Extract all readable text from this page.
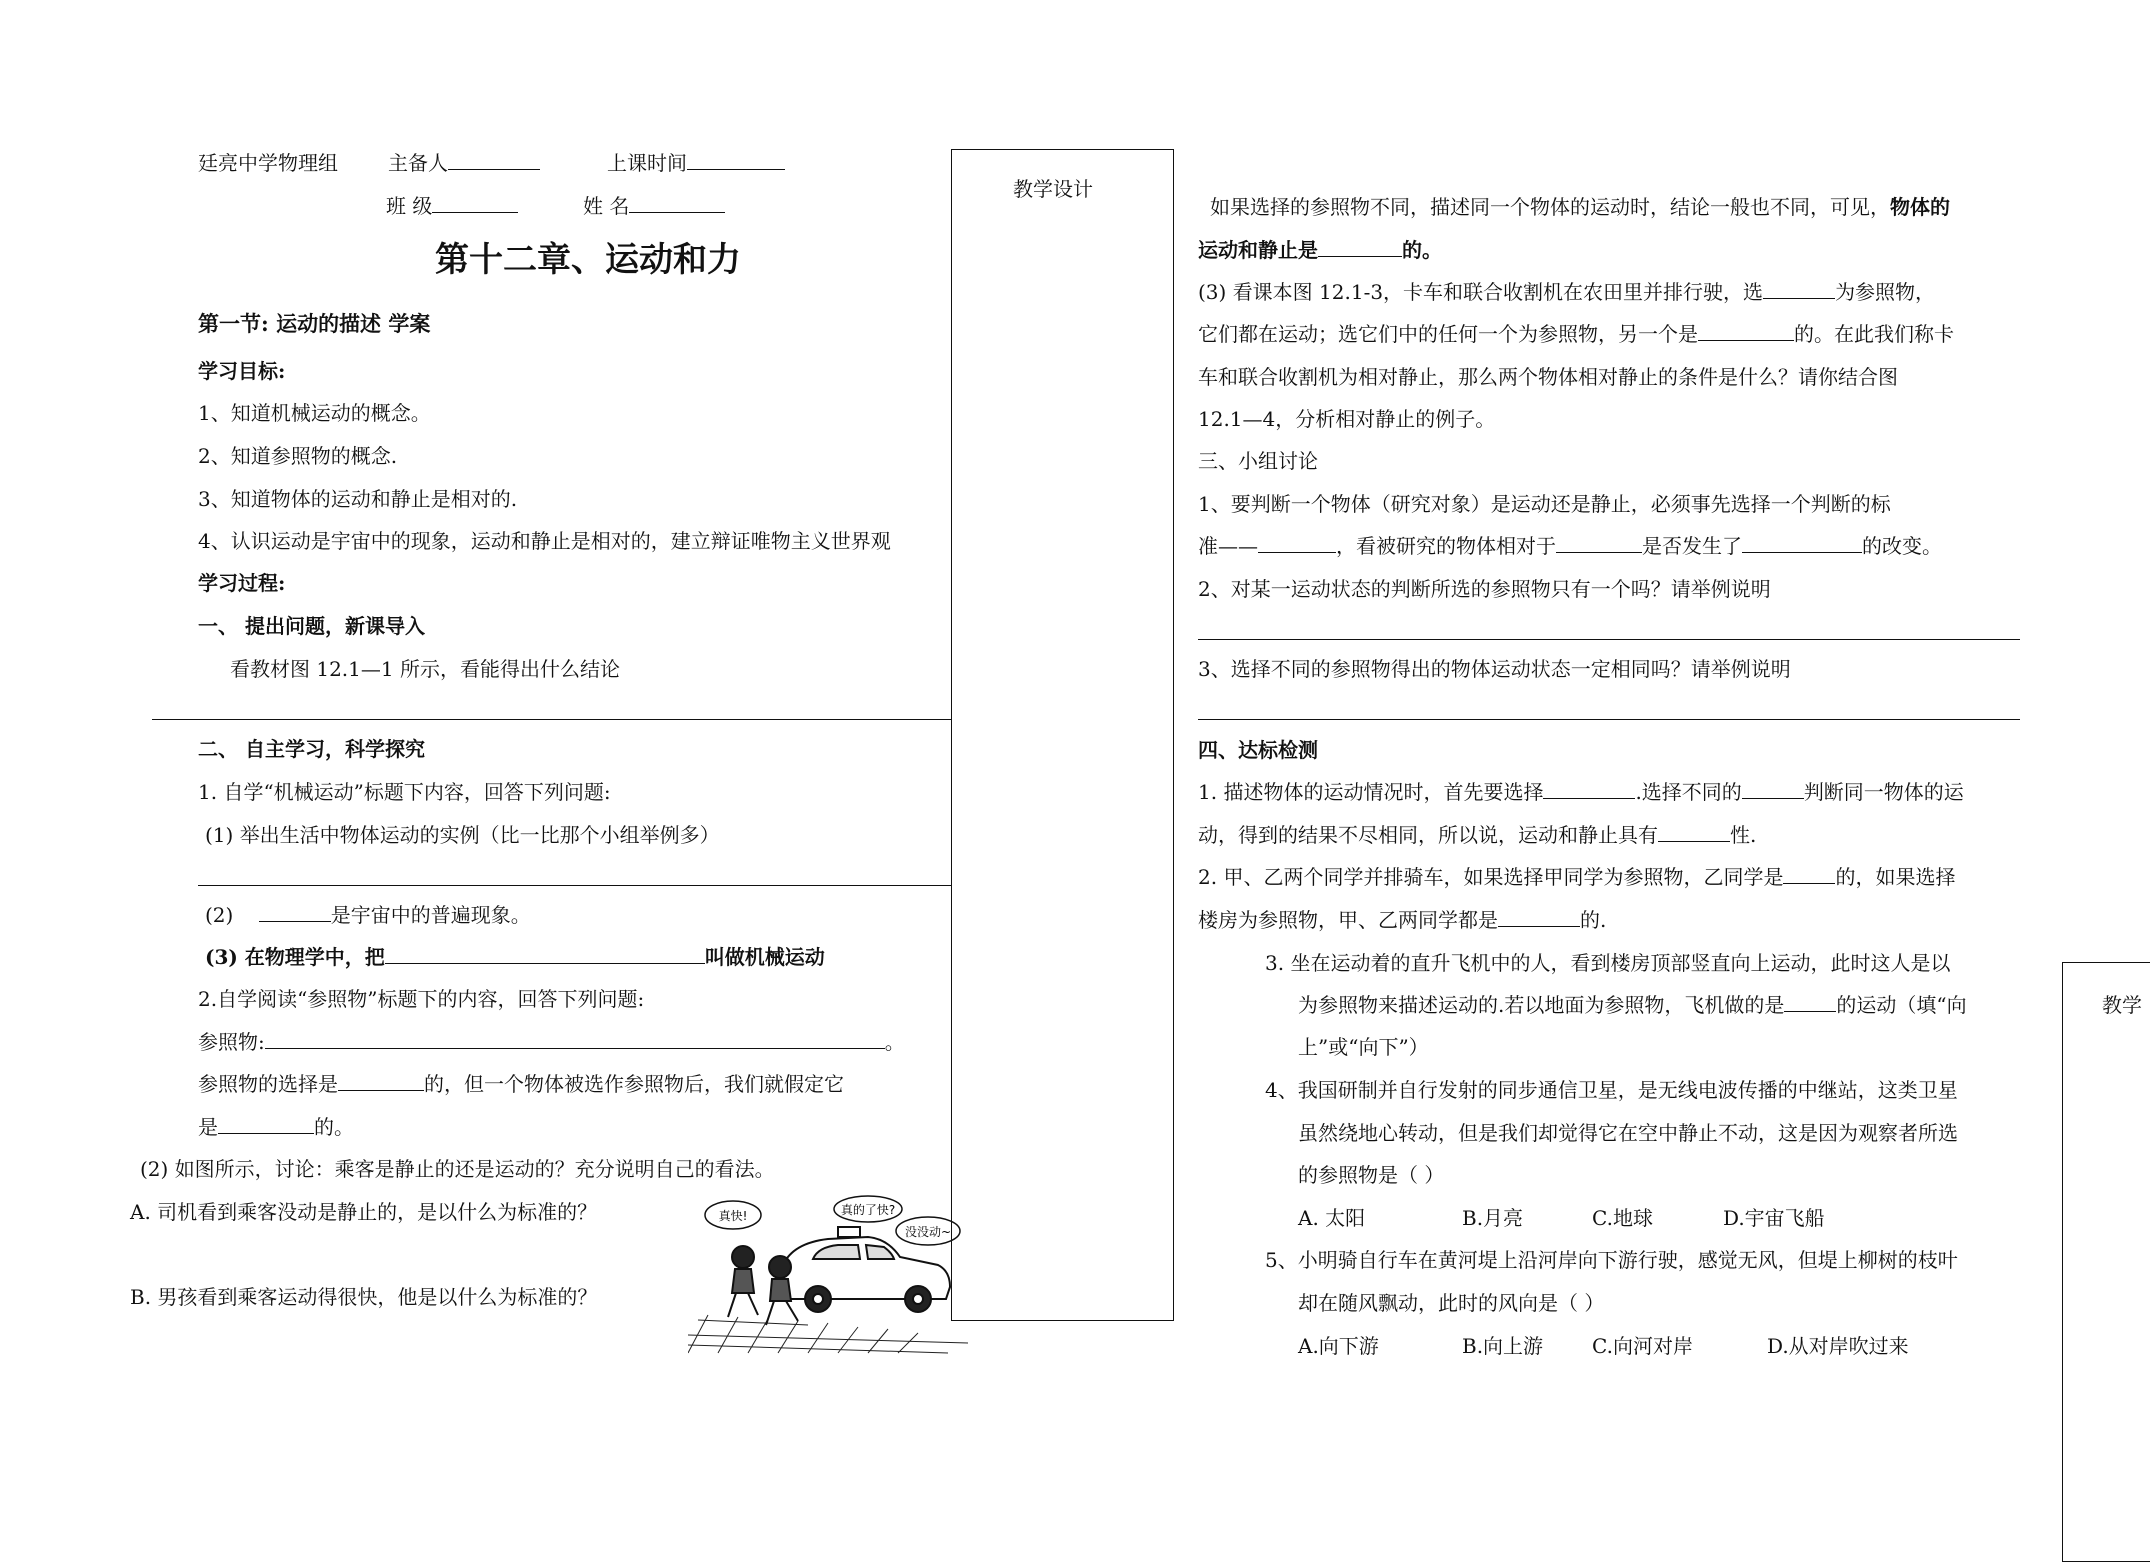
廷亮中学物理组	主备人	上课时间
班 级	姓 名
第十二章、运动和力
第一节: 运动的描述 学案
学习目标:
1、知道机械运动的概念。
2、知道参照物的概念.
3、知道物体的运动和静止是相对的.
4、认识运动是宇宙中的现象，运动和静止是相对的，建立辩证唯物主义世界观
学习过程:
一、 提出问题，新课导入
看教材图 12.1—1 所示，看能得出什么结论
二、 自主学习，科学探究
1. 自学“机械运动”标题下内容，回答下列问题:
(1) 举出生活中物体运动的实例（比一比那个小组举例多）
(2)	是宇宙中的普遍现象。
(3) 在物理学中，把	叫做机械运动
2.自学阅读“参照物”标题下的内容，回答下列问题:
参照物:	。
参照物的选择是	的，但一个物体被选作参照物后，我们就假定它
是	的。
(2) 如图所示，讨论：乘客是静止的还是运动的？充分说明自己的看法。
A. 司机看到乘客没动是静止的，是以什么为标准的？
B. 男孩看到乘客运动得很快，他是以什么为标准的？
真快!	真的了快?
没没动~
教学设计
教学
如果选择的参照物不同，描述同一个物体的运动时，结论一般也不同，可见，物体的
运动和静止是	的。
(3) 看课本图 12.1-3，卡车和联合收割机在农田里并排行驶，选	为参照物，
它们都在运动；选它们中的任何一个为参照物，另一个是	的。在此我们称卡
车和联合收割机为相对静止，那么两个物体相对静止的条件是什么？请你结合图
12.1—4，分析相对静止的例子。
三、小组讨论
1、要判断一个物体（研究对象）是运动还是静止，必须事先选择一个判断的标
准——	，看被研究的物体相对于	是否发生了	的改变。
2、对某一运动状态的判断所选的参照物只有一个吗？请举例说明
3、选择不同的参照物得出的物体运动状态一定相同吗？请举例说明
四、达标检测
1. 描述物体的运动情况时，首先要选择	.选择不同的	判断同一物体的运
动，得到的结果不尽相同，所以说，运动和静止具有	性.
2. 甲、乙两个同学并排骑车，如果选择甲同学为参照物，乙同学是	的，如果选择
楼房为参照物，甲、乙两同学都是	的.
3. 坐在运动着的直升飞机中的人，看到楼房顶部竖直向上运动，此时这人是以
为参照物来描述运动的.若以地面为参照物，飞机做的是	的运动（填“向
上”或“向下”）
4、我国研制并自行发射的同步通信卫星，是无线电波传播的中继站，这类卫星
虽然绕地心转动，但是我们却觉得它在空中静止不动，这是因为观察者所选
的参照物是（ ）
A. 太阳	B.月亮	C.地球	D.宇宙飞船
5、小明骑自行车在黄河堤上沿河岸向下游行驶，感觉无风，但堤上柳树的枝叶
却在随风飘动，此时的风向是（ ）
A.向下游	B.向上游 C.向河对岸	D.从对岸吹过来
